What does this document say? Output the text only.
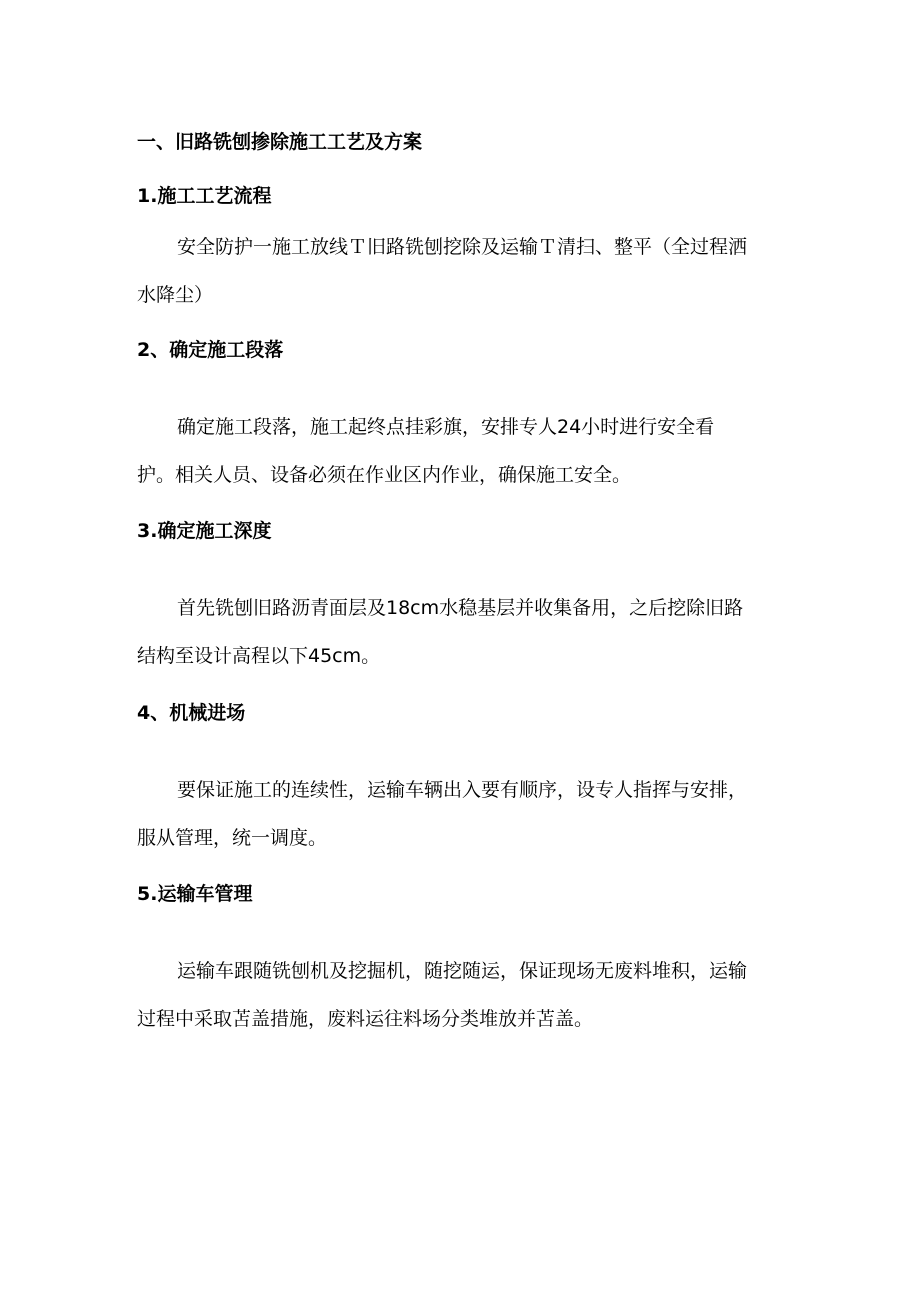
一、旧路铣刨掺除施工工艺及方案
1.施工工艺流程

安全防护一施工放线Ｔ旧路铣刨挖除及运输Ｔ清扫、整平（全过程洒
水降尘）

2、确定施工段落

确定施工段落，施工起终点挂彩旗，安排专人24小时进行安全看
护。相关人员、设备必须在作业区内作业，确保施工安全。

3.确定施工深度

首先铣刨旧路沥青面层及18cm水稳基层并收集备用，之后挖除旧路
结构至设计高程以下45cm。

4、机械进场

要保证施工的连续性，运输车辆出入要有顺序，设专人指挥与安排，
服从管理，统一调度。

5.运输车管理

运输车跟随铣刨机及挖掘机，随挖随运，保证现场无废料堆积，运输
过程中采取苫盖措施，废料运往料场分类堆放并苫盖。
